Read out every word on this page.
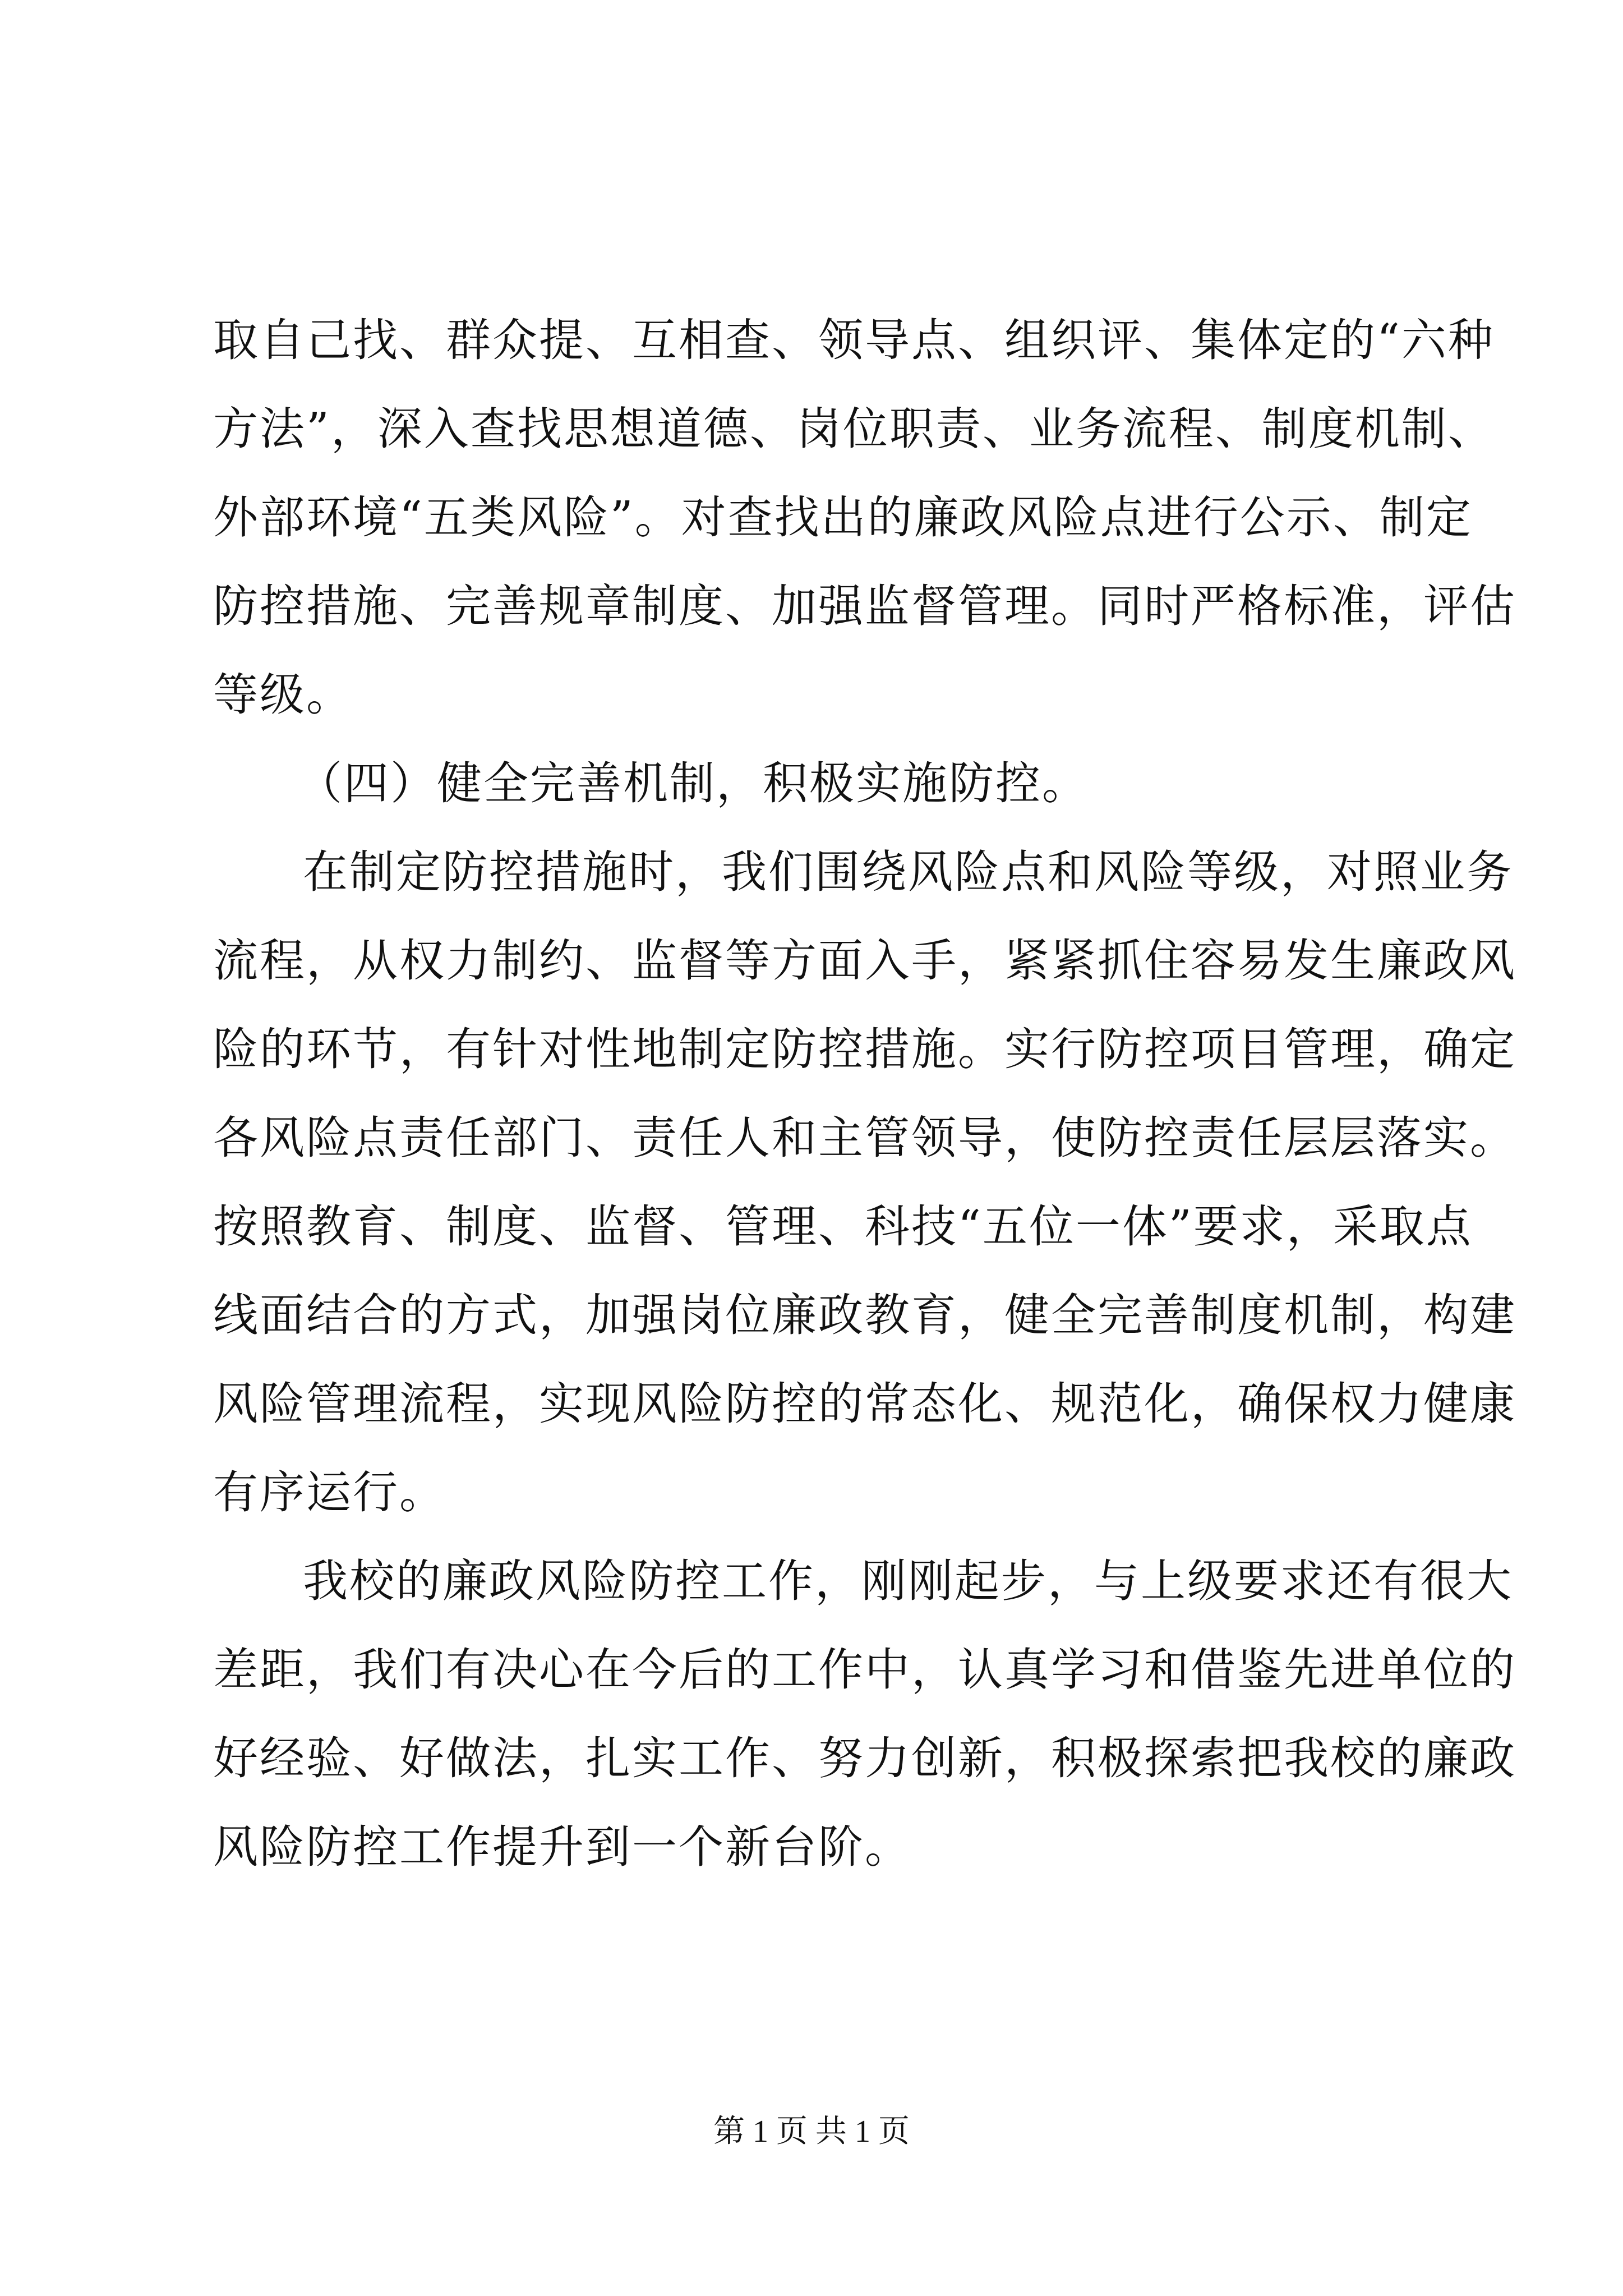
取自己找、群众提、互相查、领导点、组织评、集体定的“六种
方法”，深入查找思想道德、岗位职责、业务流程、制度机制、
外部环境“五类风险”。对查找出的廉政风险点进行公示、制定
防控措施、完善规章制度、加强监督管理。同时严格标准，评估
等级。
（四）健全完善机制，积极实施防控。
在制定防控措施时，我们围绕风险点和风险等级，对照业务
流程，从权力制约、监督等方面入手，紧紧抓住容易发生廉政风
险的环节，有针对性地制定防控措施。实行防控项目管理，确定
各风险点责任部门、责任人和主管领导，使防控责任层层落实。
按照教育、制度、监督、管理、科技“五位一体”要求，采取点
线面结合的方式，加强岗位廉政教育，健全完善制度机制，构建
风险管理流程，实现风险防控的常态化、规范化，确保权力健康
有序运行。
我校的廉政风险防控工作，刚刚起步，与上级要求还有很大
差距，我们有决心在今后的工作中，认真学习和借鉴先进单位的
好经验、好做法，扎实工作、努力创新，积极探索把我校的廉政
风险防控工作提升到一个新台阶。
第 1 页 共 1 页
